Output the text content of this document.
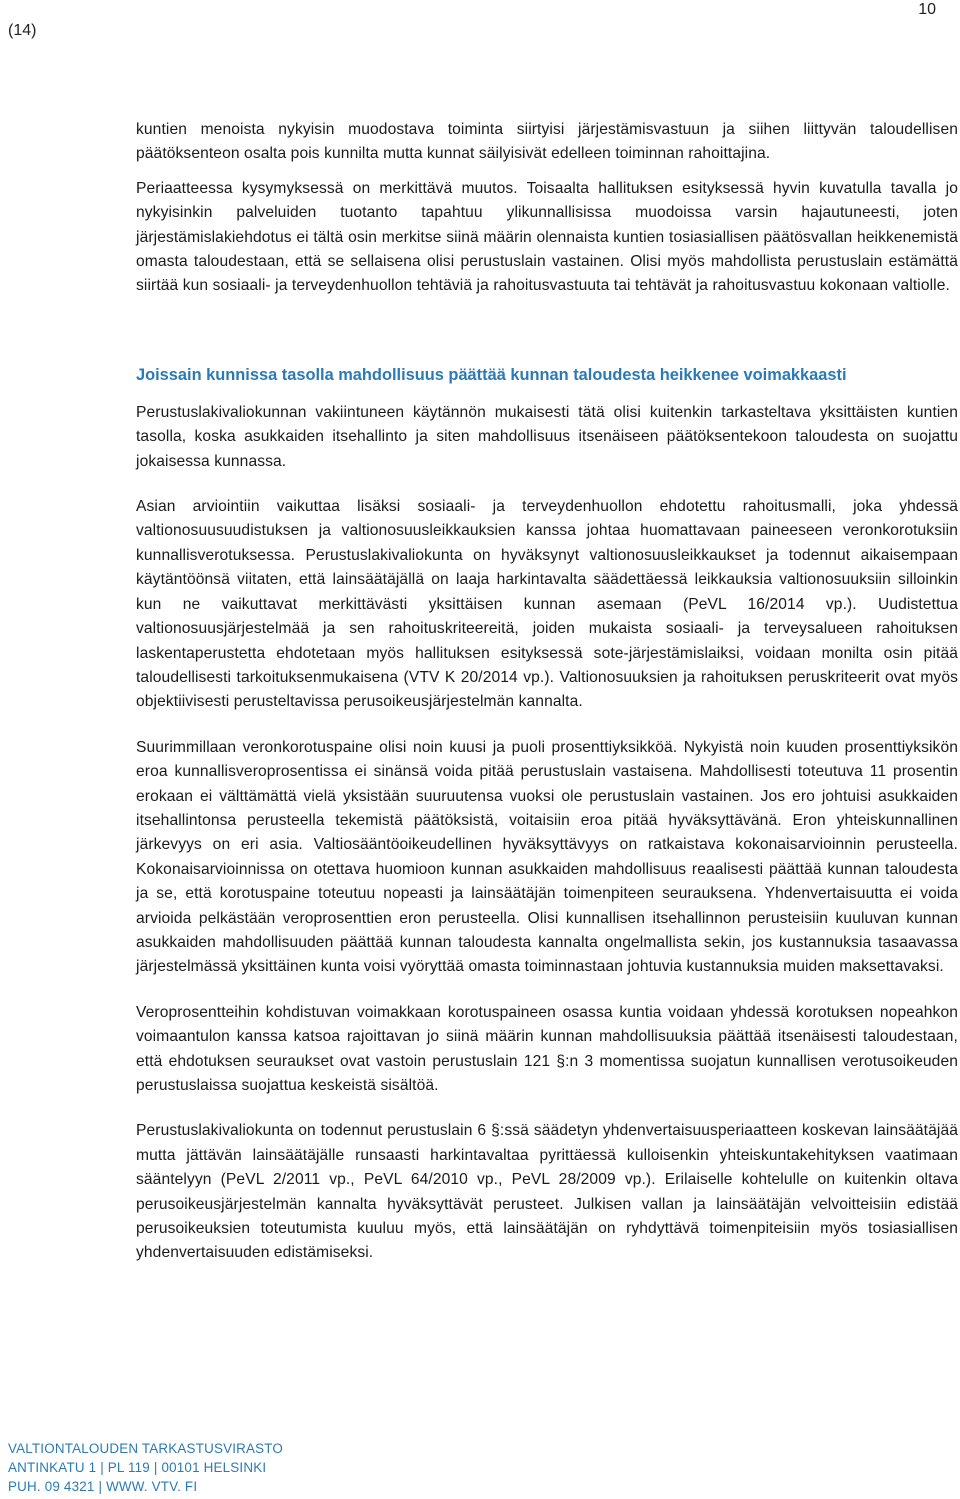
(14)
10

kuntien menoista nykyisin muodostava toiminta siirtyisi järjestämisvastuun ja siihen liittyvän taloudellisen päätöksenteon osalta pois kunnilta mutta kunnat säilyisivät edelleen toiminnan rahoittajina.

Periaatteessa kysymyksessä on merkittävä muutos. Toisaalta hallituksen esityksessä hyvin kuvatulla tavalla jo nykyisinkin palveluiden tuotanto tapahtuu ylikunnallisissa muodoissa varsin hajautuneesti, joten järjestämislakiehdotus ei tältä osin merkitse siinä määrin olennaista kuntien tosiasiallisen päätösvallan heikkenemistä omasta taloudestaan, että se sellaisena olisi perustuslain vastainen. Olisi myös mahdollista perustuslain estämättä siirtää kun sosiaali- ja terveydenhuollon tehtäviä ja rahoitusvastuuta tai tehtävät ja rahoitusvastuu kokonaan valtiolle.

Joissain kunnissa tasolla mahdollisuus päättää kunnan taloudesta heikkenee voimakkaasti

Perustuslakivaliokunnan vakiintuneen käytännön mukaisesti tätä olisi kuitenkin tarkasteltava yksittäisten kuntien tasolla, koska asukkaiden itsehallinto ja siten mahdollisuus itsenäiseen päätöksentekoon taloudesta on suojattu jokaisessa kunnassa.

Asian arviointiin vaikuttaa lisäksi sosiaali- ja terveydenhuollon ehdotettu rahoitusmalli, joka yhdessä valtionosuusuudistuksen ja valtionosuusleikkauksien kanssa johtaa huomattavaan paineeseen veronkorotuksiin kunnallisverotuksessa. Perustuslakivaliokunta on hyväksynyt valtionosuusleikkaukset ja todennut aikaisempaan käytäntöönsä viitaten, että lainsäätäjällä on laaja harkintavalta säädettäessä leikkauksia valtionosuuksiin silloinkin kun ne vaikuttavat merkittävästi yksittäisen kunnan asemaan (PeVL 16/2014 vp.). Uudistettua valtionosuusjärjestelmää ja sen rahoituskriteereitä, joiden mukaista sosiaali- ja terveysalueen rahoituksen laskentaperustetta ehdotetaan myös hallituksen esityksessä sote-järjestämislaiksi, voidaan monilta osin pitää taloudellisesti tarkoituksenmukaisena (VTV K 20/2014 vp.). Valtionosuuksien ja rahoituksen peruskriteerit ovat myös objektiivisesti perusteltavissa perusoikeusjärjestelmän kannalta.

Suurimmillaan veronkorotuspaine olisi noin kuusi ja puoli prosenttiyksikköä. Nykyistä noin kuuden prosenttiyksikön eroa kunnallisveroprosentissa ei sinänsä voida pitää perustuslain vastaisena. Mahdollisesti toteutuva 11 prosentin erokaan ei välttämättä vielä yksistään suuruutensa vuoksi ole perustuslain vastainen. Jos ero johtuisi asukkaiden itsehallintonsa perusteella tekemistä päätöksistä, voitaisiin eroa pitää hyväksyttävänä. Eron yhteiskunnallinen järkevyys on eri asia. Valtiosääntöoikeudellinen hyväksyttävyys on ratkaistava kokonaisarvioinnin perusteella. Kokonaisarvioinnissa on otettava huomioon kunnan asukkaiden mahdollisuus reaalisesti päättää kunnan taloudesta ja se, että korotuspaine toteutuu nopeasti ja lainsäätäjän toimenpiteen seurauksena. Yhdenvertaisuutta ei voida arvioida pelkästään veroprosenttien eron perusteella. Olisi kunnallisen itsehallinnon perusteisiin kuuluvan kunnan asukkaiden mahdollisuuden päättää kunnan taloudesta kannalta ongelmallista sekin, jos kustannuksia tasaavassa järjestelmässä yksittäinen kunta voisi vyöryttää omasta toiminnastaan johtuvia kustannuksia muiden maksettavaksi.

Veroprosentteihin kohdistuvan voimakkaan korotuspaineen osassa kuntia voidaan yhdessä korotuksen nopeahkon voimaantulon kanssa katsoa rajoittavan jo siinä määrin kunnan mahdollisuuksia päättää itsenäisesti taloudestaan, että ehdotuksen seuraukset ovat vastoin perustuslain 121 §:n 3 momentissa suojatun kunnallisen verotusoikeuden perustuslaissa suojattua keskeistä sisältöä.

Perustuslakivaliokunta on todennut perustuslain 6 §:ssä säädetyn yhdenvertaisuusperiaatteen koskevan lainsäätäjää mutta jättävän lainsäätäjälle runsaasti harkintavaltaa pyrittäessä kulloisenkin yhteiskuntakehityksen vaatimaan sääntelyyn (PeVL 2/2011 vp., PeVL 64/2010 vp., PeVL 28/2009 vp.). Erilaiselle kohtelulle on kuitenkin oltava perusoikeusjärjestelmän kannalta hyväksyttävät perusteet. Julkisen vallan ja lainsäätäjän velvoitteisiin edistää perusoikeuksien toteutumista kuuluu myös, että lainsäätäjän on ryhdyttävä toimenpiteisiin myös tosiasiallisen yhdenvertaisuuden edistämiseksi.

VALTIONTALOUDEN TARKASTUSVIRASTO
ANTINKATU 1 | PL 119 | 00101 HELSINKI
PUH. 09 4321 | WWW. VTV. FI
